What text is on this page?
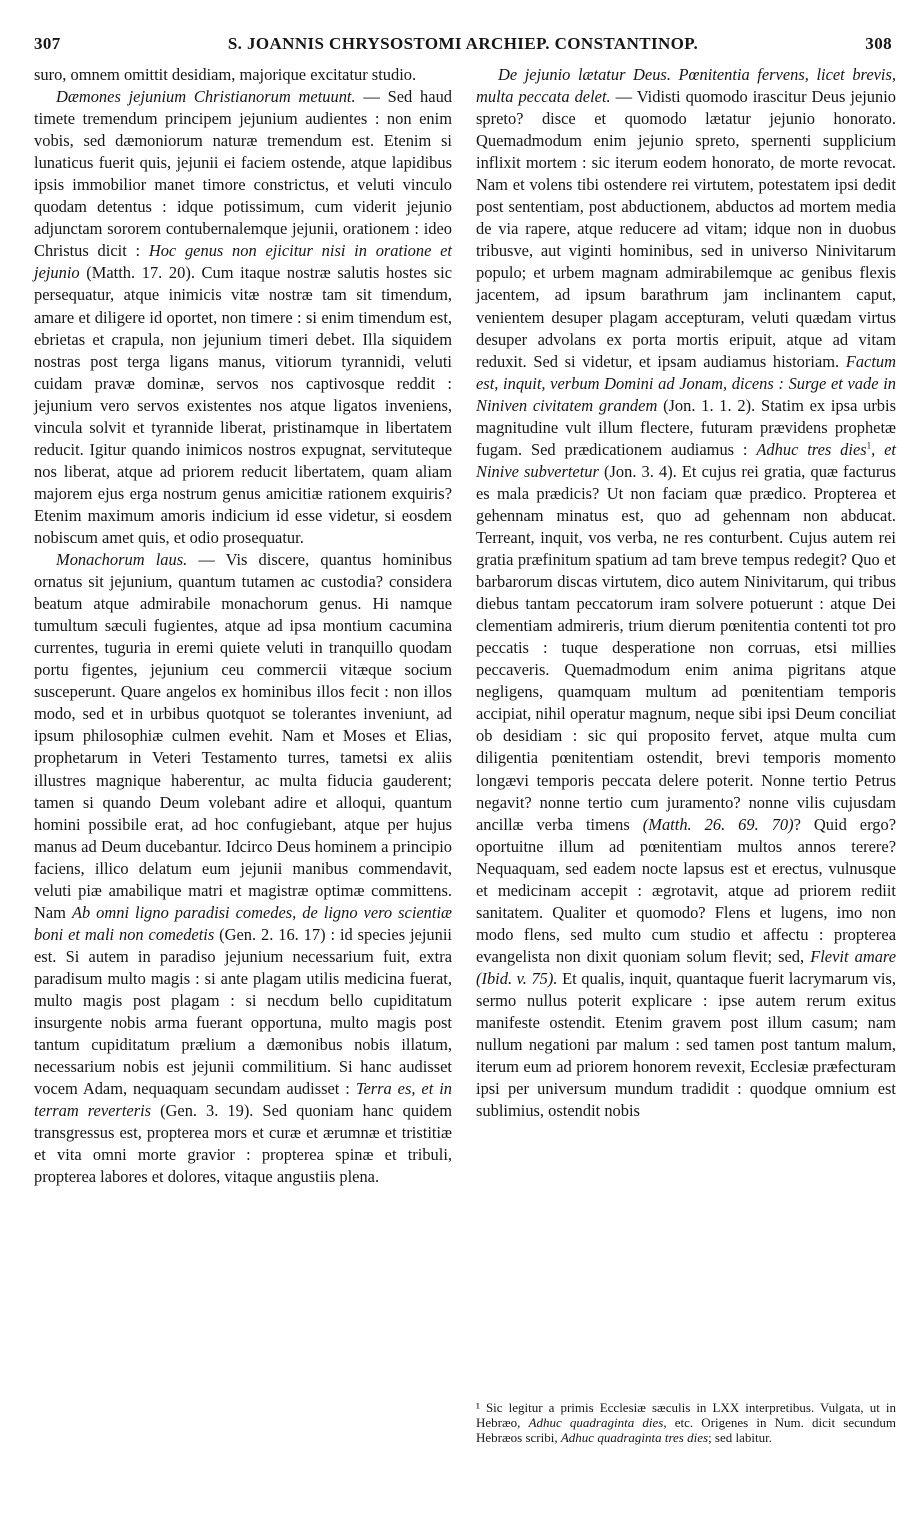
307	S. JOANNIS CHRYSOSTOMI ARCHIEP. CONSTANTINOP.	308

suro, omnem omittit desidiam, majorique excitatur studio.

Dæmones jejunium Christianorum metuunt. — Sed haud timete tremendum principem jejunium audientes : non enim vobis, sed dæmoniorum naturæ tremendum est. Etenim si lunaticus fuerit quis, jejunii ei faciem ostende, atque lapidibus ipsis immobilior manet timore constrictus, et veluti vinculo quodam detentus : idque potissimum, cum viderit jejunio adjunctam sororem contubernalemque jejunii, orationem : ideo Christus dicit : Hoc genus non ejicitur nisi in oratione et jejunio (Matth. 17. 20). Cum itaque nostræ salutis hostes sic persequatur, atque inimicis vitæ nostræ tam sit timendum, amare et diligere id oportet, non timere : si enim timendum est, ebrietas et crapula, non jejunium timeri debet. Illa siquidem nostras post terga ligans manus, vitiorum tyrannidi, veluti cuidam pravæ dominæ, servos nos captivosque reddit : jejunium vero servos existentes nos atque ligatos inveniens, vincula solvit et tyrannide liberat, pristinamque in libertatem reducit. Igitur quando inimicos nostros expugnat, servituteque nos liberat, atque ad priorem reducit libertatem, quam aliam majorem ejus erga nostrum genus amicitiæ rationem exquiris? Etenim maximum amoris indicium id esse videtur, si eosdem nobiscum amet quis, et odio prosequatur.

Monachorum laus. — Vis discere, quantus hominibus ornatus sit jejunium, quantum tutamen ac custodia? considera beatum atque admirabile monachorum genus. Hi namque tumultum sæculi fugientes, atque ad ipsa montium cacumina currentes, tuguria in eremi quiete veluti in tranquillo quodam portu figentes, jejunium ceu commercii vitæque socium susceperunt. Quare angelos ex hominibus illos fecit : non illos modo, sed et in urbibus quotquot se tolerantes inveniunt, ad ipsum philosophiæ culmen evehit. Nam et Moses et Elias, prophetarum in Veteri Testamento turres, tametsi ex aliis illustres magnique haberentur, ac multa fiducia gauderent; tamen si quando Deum volebant adire et alloqui, quantum homini possibile erat, ad hoc confugiebant, atque per hujus manus ad Deum ducebantur. Idcirco Deus hominem a principio faciens, illico delatum eum jejunii manibus commendavit, veluti piæ amabilique matri et magistræ optimæ committens. Nam Ab omni ligno paradisi comedes, de ligno vero scientiæ boni et mali non comedetis (Gen. 2. 16. 17) : id species jejunii est. Si autem in paradiso jejunium necessarium fuit, extra paradisum multo magis : si ante plagam utilis medicina fuerat, multo magis post plagam : si necdum bello cupiditatum insurgente nobis arma fuerant opportuna, multo magis post tantum cupiditatum prælium a dæmonibus nobis illatum, necessarium nobis est jejunii commilitium. Si hanc audisset vocem Adam, nequaquam secundam audisset : Terra es, et in terram reverteris (Gen. 3. 19). Sed quoniam hanc quidem transgressus est, propterea mors et curæ et ærumnæ et tristitiæ et vita omni morte gravior : propterea spinæ et tribuli, propterea labores et dolores, vitaque angustiis plena.

De jejunio lætatur Deus. Pœnitentia fervens, licet brevis, multa peccata delet. — Vidisti quomodo irascitur Deus jejunio spreto? disce et quomodo lætatur jejunio honorato. Quemadmodum enim jejunio spreto, spernenti supplicium inflixit mortem : sic iterum eodem honorato, de morte revocat. Nam et volens tibi ostendere rei virtutem, potestatem ipsi dedit post sententiam, post abductionem, abductos ad mortem media de via rapere, atque reducere ad vitam; idque non in duobus tribusve, aut viginti hominibus, sed in universo Ninivitarum populo; et urbem magnam admirabilemque ac genibus flexis jacentem, ad ipsum barathrum jam inclinantem caput, venientem desuper plagam accepturam, veluti quædam virtus desuper advolans ex porta mortis eripuit, atque ad vitam reduxit. Sed si videtur, et ipsam audiamus historiam. Factum est, inquit, verbum Domini ad Jonam, dicens : Surge et vade in Niniven civitatem grandem (Jon. 1. 1. 2). Statim ex ipsa urbis magnitudine vult illum flectere, futuram prævidens prophetæ fugam. Sed prædicationem audiamus : Adhuc tres dies$^1$, et Ninive subvertetur (Jon. 3. 4). Et cujus rei gratia, quæ facturus es mala prædicis? Ut non faciam quæ prædico. Propterea et gehennam minatus est, quo ad gehennam non abducat. Terreant, inquit, vos verba, ne res conturbent. Cujus autem rei gratia præfinitum spatium ad tam breve tempus redegit? Quo et barbarorum discas virtutem, dico autem Ninivitarum, qui tribus diebus tantam peccatorum iram solvere potuerunt : atque Dei clementiam admireris, trium dierum pœnitentia contenti tot pro peccatis : tuque desperatione non corruas, etsi millies peccaveris. Quemadmodum enim anima pigritans atque negligens, quamquam multum ad pœnitentiam temporis accipiat, nihil operatur magnum, neque sibi ipsi Deum conciliat ob desidiam : sic qui proposito fervet, atque multa cum diligentia pœnitentiam ostendit, brevi temporis momento longævi temporis peccata delere poterit. Nonne tertio Petrus negavit? nonne tertio cum juramento? nonne vilis cujusdam ancillæ verba timens (Matth. 26. 69. 70)? Quid ergo? oportuitne illum ad pœnitentiam multos annos terere? Nequaquam, sed eadem nocte lapsus est et erectus, vulnusque et medicinam accepit : ægrotavit, atque ad priorem rediit sanitatem. Qualiter et quomodo? Flens et lugens, imo non modo flens, sed multo cum studio et affectu : propterea evangelista non dixit quoniam solum flevit; sed, Flevit amare (Ibid. v. 75). Et qualis, inquit, quantaque fuerit lacrymarum vis, sermo nullus poterit explicare : ipse autem rerum exitus manifeste ostendit. Etenim gravem post illum casum; nam nullum negationi par malum : sed tamen post tantum malum, iterum eum ad priorem honorem revexit, Ecclesiæ præfecturam ipsi per universum mundum tradidit : quodque omnium est sublimius, ostendit nobis

¹ Sic legitur a primis Ecclesiæ sæculis in LXX interpretibus. Vulgata, ut in Hebræo, Adhuc quadraginta dies, etc. Origenes in Num. dicit secundum Hebræos scribi, Adhuc quadraginta tres dies; sed labitur.
